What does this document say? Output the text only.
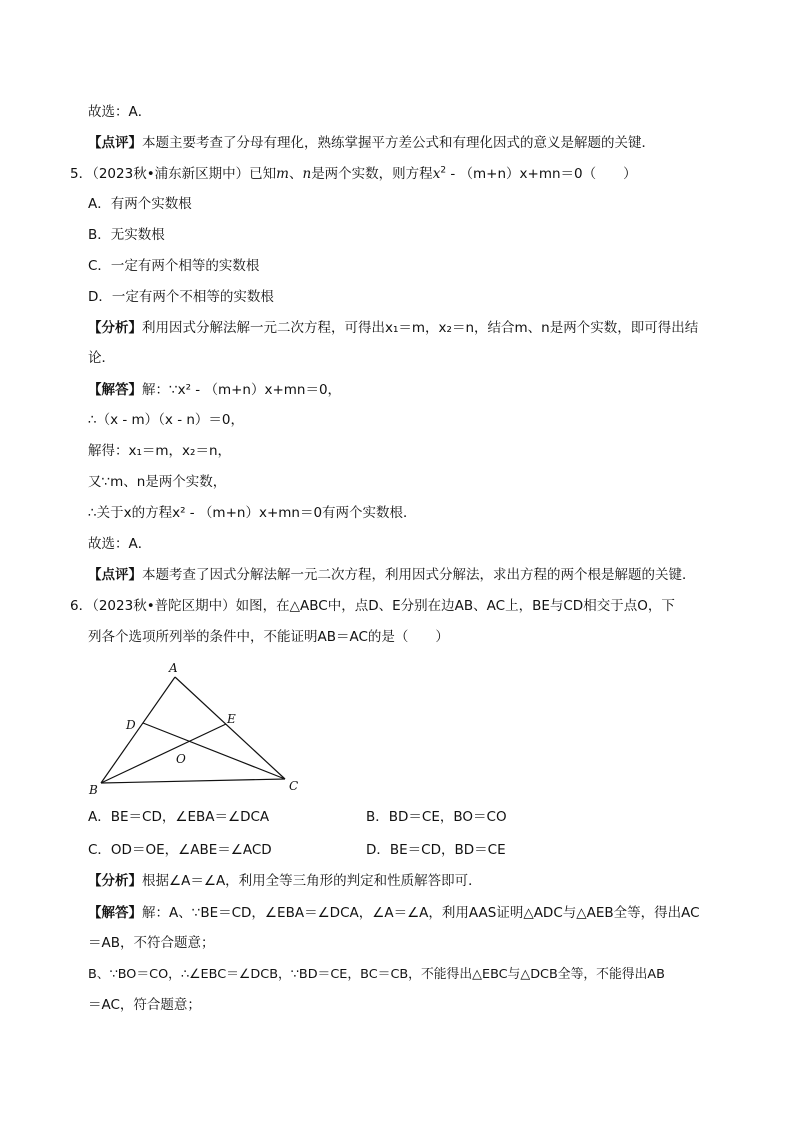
故选：A．
【点评】本题主要考查了分母有理化，熟练掌握平方差公式和有理化因式的意义是解题的关键．
5．（2023秋•浦东新区期中）已知m、n是两个实数，则方程$x^2 - (m+n)x+mn=0$（　　）
A．有两个实数根
B．无实数根
C．一定有两个相等的实数根
D．一定有两个不相等的实数根
【分析】利用因式分解法解一元二次方程，可得出x₁＝m，x₂＝n，结合m、n是两个实数，即可得出结
论．
【解答】解：∵x² - （m+n）x+mn＝0，
∴（x - m）（x - n）＝0，
解得：x₁＝m，x₂＝n，
又∵m、n是两个实数，
∴关于x的方程x² - （m+n）x+mn＝0有两个实数根．
故选：A．
【点评】本题考查了因式分解法解一元二次方程，利用因式分解法，求出方程的两个根是解题的关键．
6．（2023秋•普陀区期中）如图，在△ABC中，点D、E分别在边AB、AC上，BE与CD相交于点O，下
列各个选项所列举的条件中，不能证明AB＝AC的是（　　）
A
B	C
D	E
O
A．BE＝CD，∠EBA＝∠DCA	B．BD＝CE，BO＝CO
C．OD＝OE，∠ABE＝∠ACD	D．BE＝CD，BD＝CE
【分析】根据∠A＝∠A，利用全等三角形的判定和性质解答即可．
【解答】解：A、∵BE＝CD，∠EBA＝∠DCA，∠A＝∠A，利用AAS证明△ADC与△AEB全等，得出AC
＝AB，不符合题意；
B、∵BO＝CO，∴∠EBC＝∠DCB，∵BD＝CE，BC＝CB，不能得出△EBC与△DCB全等，不能得出AB
＝AC，符合题意；
